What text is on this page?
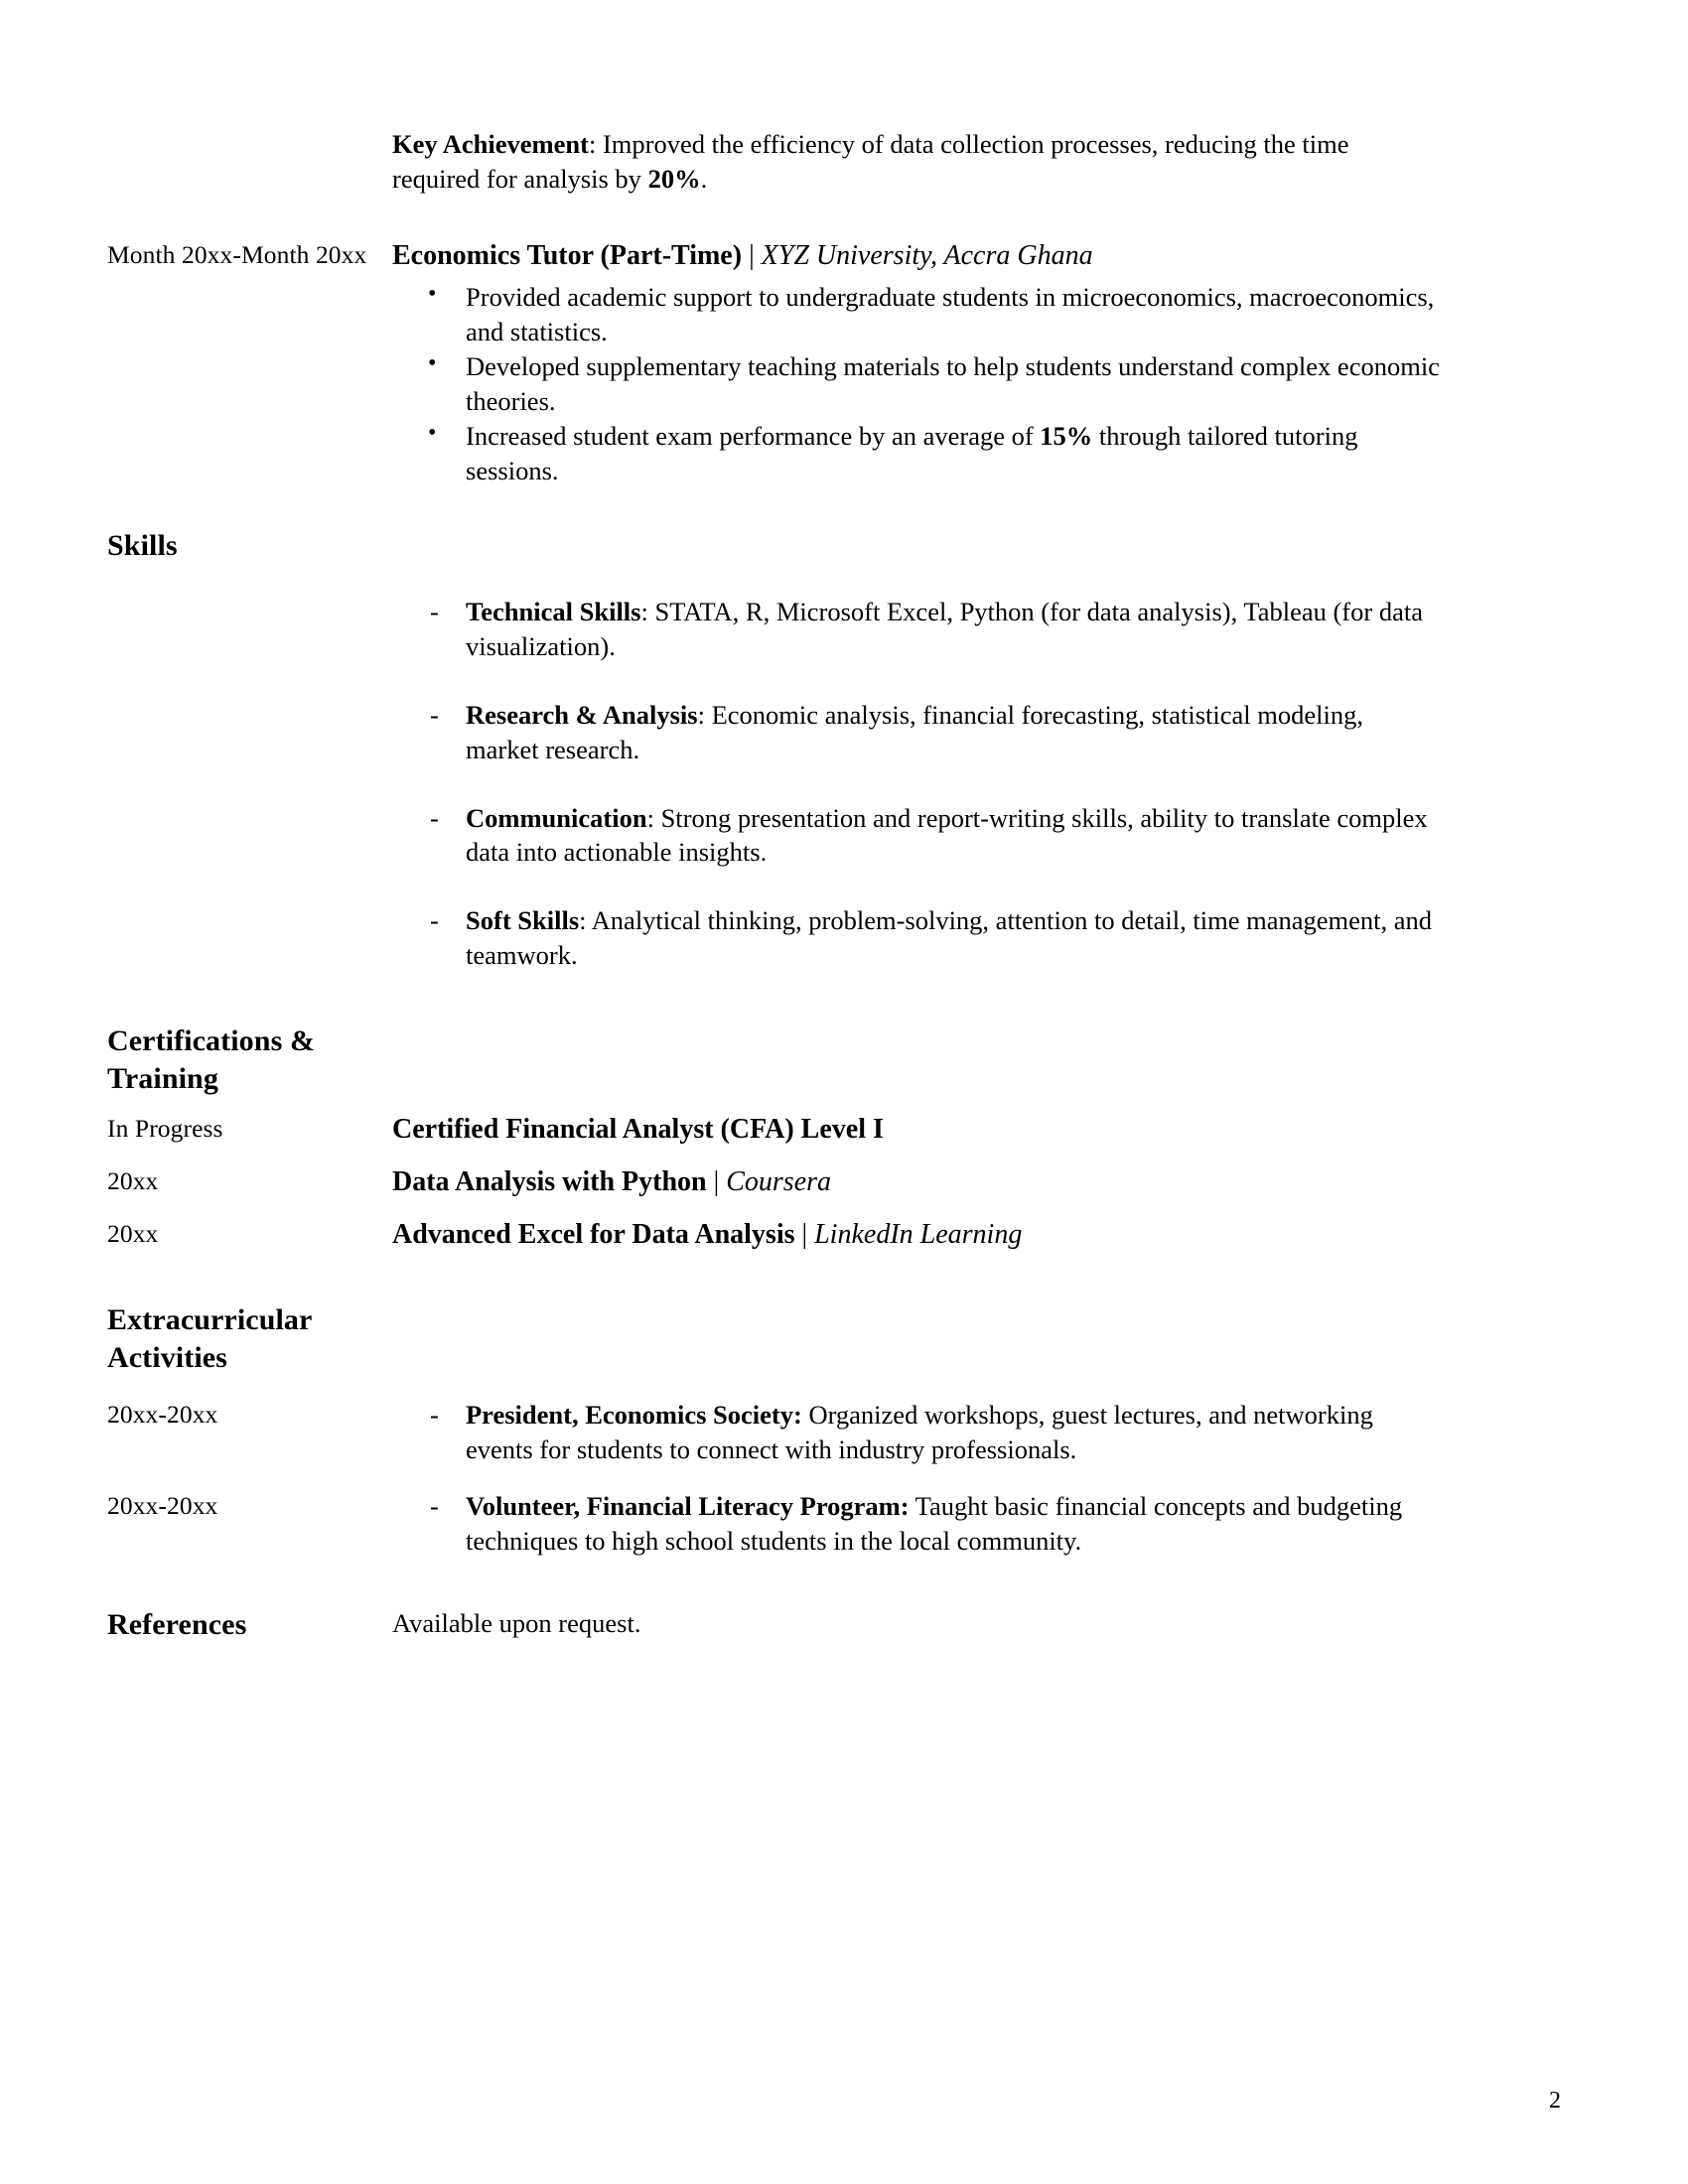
Key Achievement: Improved the efficiency of data collection processes, reducing the time required for analysis by 20%.
Month 20xx-Month 20xx Economics Tutor (Part-Time) | XYZ University, Accra Ghana
• Provided academic support to undergraduate students in microeconomics, macroeconomics, and statistics.
• Developed supplementary teaching materials to help students understand complex economic theories.
• Increased student exam performance by an average of 15% through tailored tutoring sessions.
Skills
- Technical Skills: STATA, R, Microsoft Excel, Python (for data analysis), Tableau (for data visualization).
- Research & Analysis: Economic analysis, financial forecasting, statistical modeling, market research.
- Communication: Strong presentation and report-writing skills, ability to translate complex data into actionable insights.
- Soft Skills: Analytical thinking, problem-solving, attention to detail, time management, and teamwork.
Certifications &
Training
In Progress	Certified Financial Analyst (CFA) Level I
20xx	Data Analysis with Python | Coursera
20xx	Advanced Excel for Data Analysis | LinkedIn Learning
Extracurricular
Activities
20xx-20xx	- President, Economics Society: Organized workshops, guest lectures, and networking events for students to connect with industry professionals.
20xx-20xx	- Volunteer, Financial Literacy Program: Taught basic financial concepts and budgeting techniques to high school students in the local community.
References	Available upon request.
2
